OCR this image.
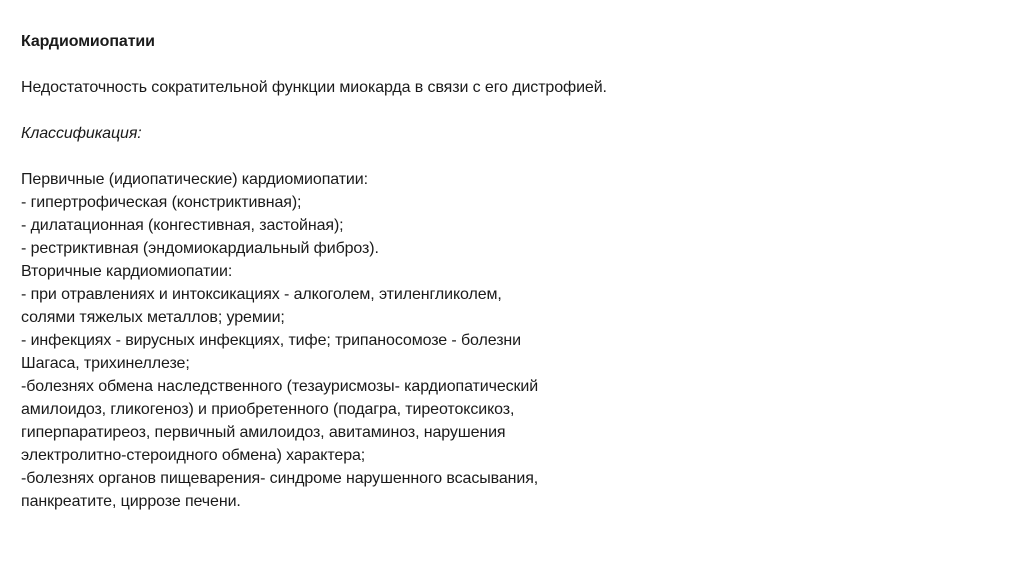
Кардиомиопатии

Недостаточность сократительной функции миокарда в связи с его дистрофией.

Классификация:

Первичные (идиопатические) кардиомиопатии:

- гипертрофическая (констриктивная);

- дилатационная (конгестивная, застойная);

- рестриктивная (эндомиокардиальный фиброз).

Вторичные кардиомиопатии:

- при отравлениях и интоксикациях - алкоголем, этиленгликолем,

солями тяжелых металлов; уремии;

- инфекциях - вирусных инфекциях, тифе; трипаносомозе - болезни

Шагаса, трихинеллезе;

-болезнях обмена наследственного (тезаурисмозы- кардиопатический

амилоидоз, гликогеноз) и приобретенного (подагра, тиреотоксикоз,

гиперпаратиреоз, первичный амилоидоз, авитаминоз, нарушения

электролитно-стероидного обмена) характера;

-болезнях органов пищеварения- синдроме нарушенного всасывания,

панкреатите, циррозе печени.
